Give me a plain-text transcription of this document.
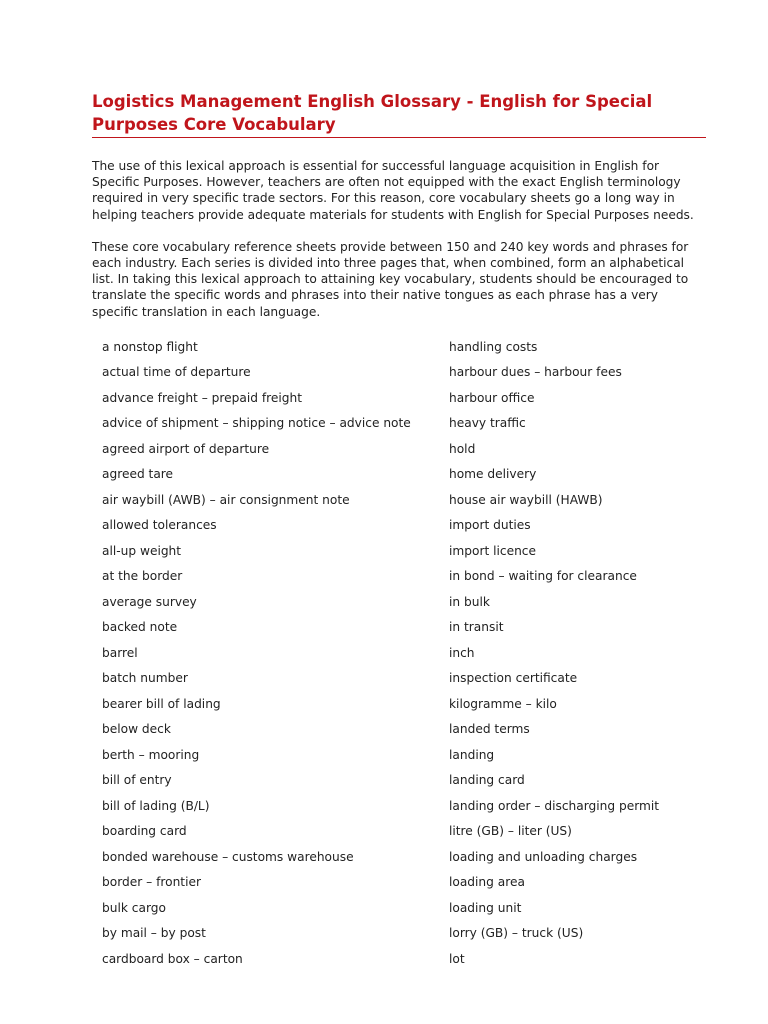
Logistics Management English Glossary - English for Special Purposes Core Vocabulary

The use of this lexical approach is essential for successful language acquisition in English for Specific Purposes. However, teachers are often not equipped with the exact English terminology required in very specific trade sectors. For this reason, core vocabulary sheets go a long way in helping teachers provide adequate materials for students with English for Special Purposes needs.

These core vocabulary reference sheets provide between 150 and 240 key words and phrases for each industry. Each series is divided into three pages that, when combined, form an alphabetical list. In taking this lexical approach to attaining key vocabulary, students should be encouraged to translate the specific words and phrases into their native tongues as each phrase has a very specific translation in each language.

a nonstop flight
actual time of departure
advance freight – prepaid freight
advice of shipment – shipping notice – advice note
agreed airport of departure
agreed tare
air waybill (AWB) – air consignment note
allowed tolerances
all-up weight
at the border
average survey
backed note
barrel
batch number
bearer bill of lading
below deck
berth – mooring
bill of entry
bill of lading (B/L)
boarding card
bonded warehouse – customs warehouse
border – frontier
bulk cargo
by mail – by post
cardboard box – carton
handling costs
harbour dues – harbour fees
harbour office
heavy traffic
hold
home delivery
house air waybill (HAWB)
import duties
import licence
in bond – waiting for clearance
in bulk
in transit
inch
inspection certificate
kilogramme – kilo
landed terms
landing
landing card
landing order – discharging permit
litre (GB) – liter (US)
loading and unloading charges
loading area
loading unit
lorry (GB) – truck (US)
lot
